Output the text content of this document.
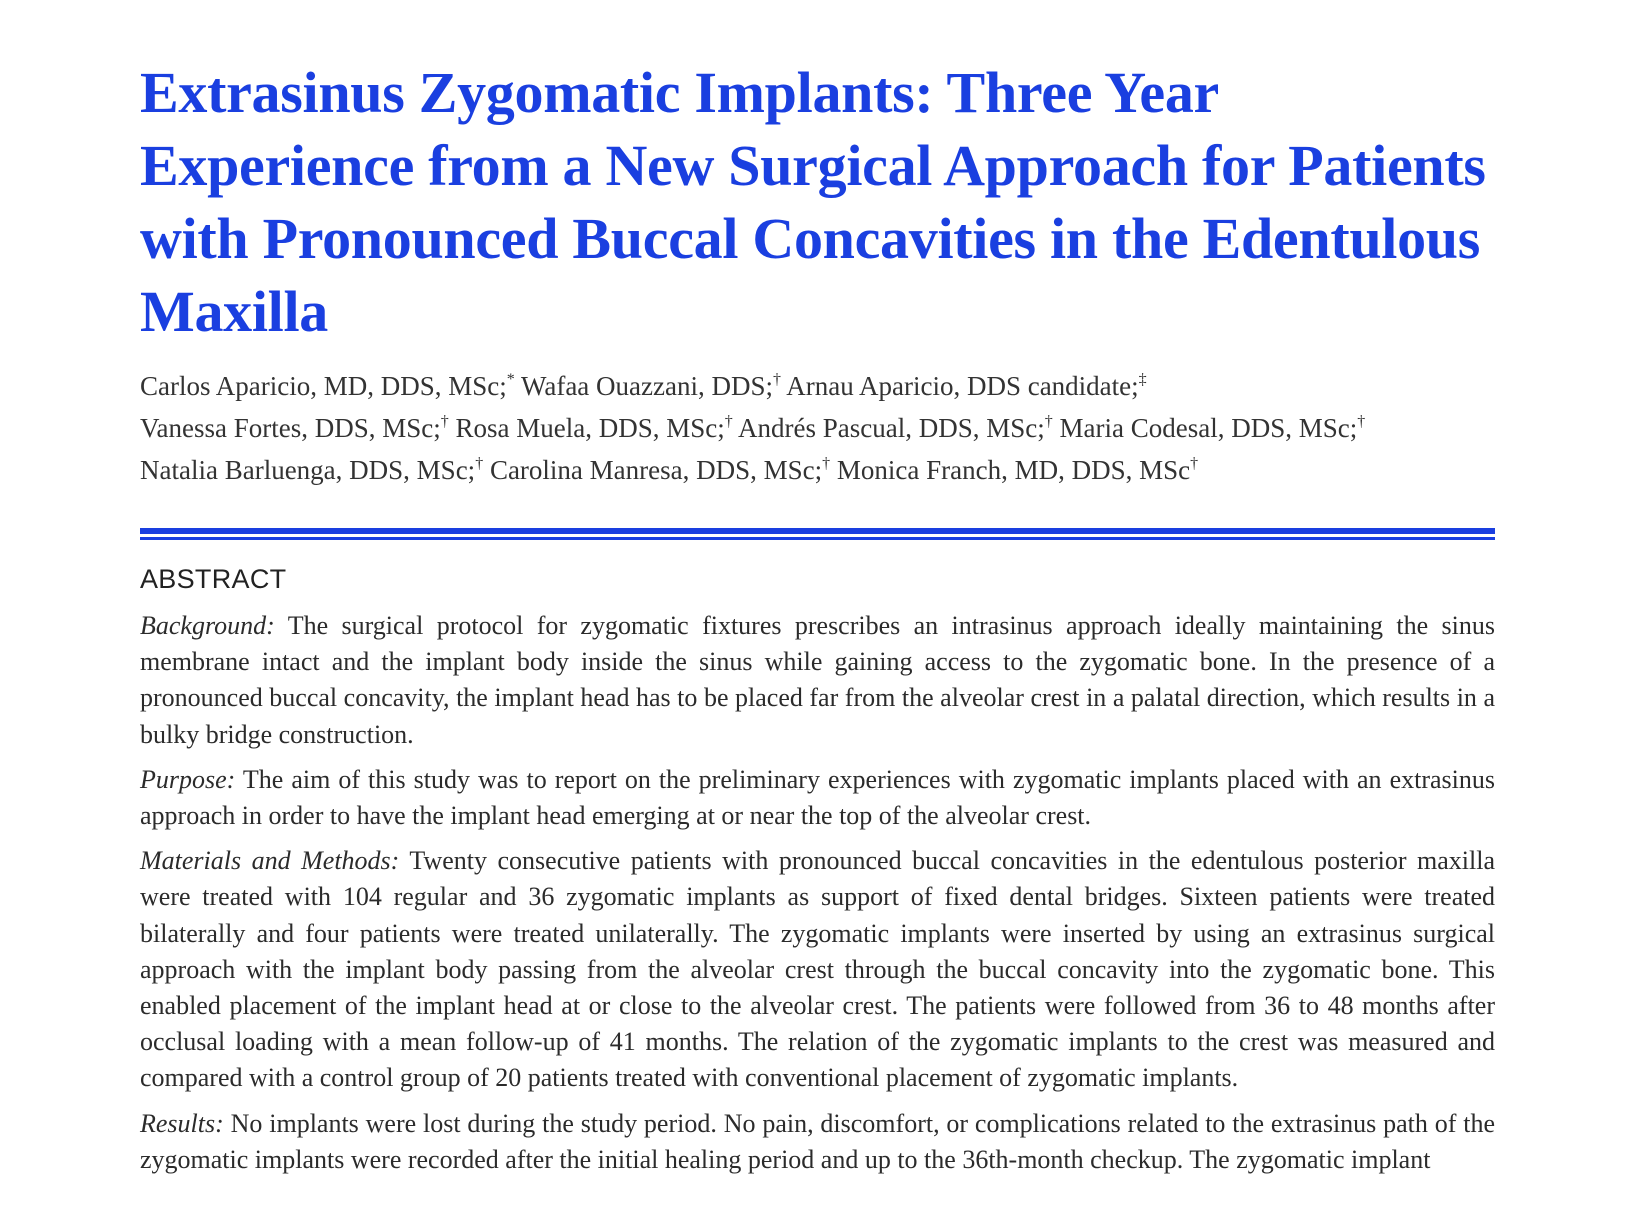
Extrasinus Zygomatic Implants: Three Year Experience from a New Surgical Approach for Patients with Pronounced Buccal Concavities in the Edentulous Maxilla
Carlos Aparicio, MD, DDS, MSc;* Wafaa Ouazzani, DDS;† Arnau Aparicio, DDS candidate;‡
Vanessa Fortes, DDS, MSc;† Rosa Muela, DDS, MSc;† Andrés Pascual, DDS, MSc;† Maria Codesal, DDS, MSc;†
Natalia Barluenga, DDS, MSc;† Carolina Manresa, DDS, MSc;† Monica Franch, MD, DDS, MSc†
ABSTRACT

Background: The surgical protocol for zygomatic fixtures prescribes an intrasinus approach ideally maintaining the sinus membrane intact and the implant body inside the sinus while gaining access to the zygomatic bone. In the presence of a pronounced buccal concavity, the implant head has to be placed far from the alveolar crest in a palatal direction, which results in a bulky bridge construction.

Purpose: The aim of this study was to report on the preliminary experiences with zygomatic implants placed with an extrasinus approach in order to have the implant head emerging at or near the top of the alveolar crest.

Materials and Methods: Twenty consecutive patients with pronounced buccal concavities in the edentulous posterior maxilla were treated with 104 regular and 36 zygomatic implants as support of fixed dental bridges. Sixteen patients were treated bilaterally and four patients were treated unilaterally. The zygomatic implants were inserted by using an extrasinus surgical approach with the implant body passing from the alveolar crest through the buccal concavity into the zygomatic bone. This enabled placement of the implant head at or close to the alveolar crest. The patients were followed from 36 to 48 months after occlusal loading with a mean follow-up of 41 months. The relation of the zygomatic implants to the crest was measured and compared with a control group of 20 patients treated with conventional placement of zygomatic implants.

Results: No implants were lost during the study period. No pain, discomfort, or complications related to the extrasinus path of the zygomatic implants were recorded after the initial healing period and up to the 36th-month checkup. The zygomatic implant
